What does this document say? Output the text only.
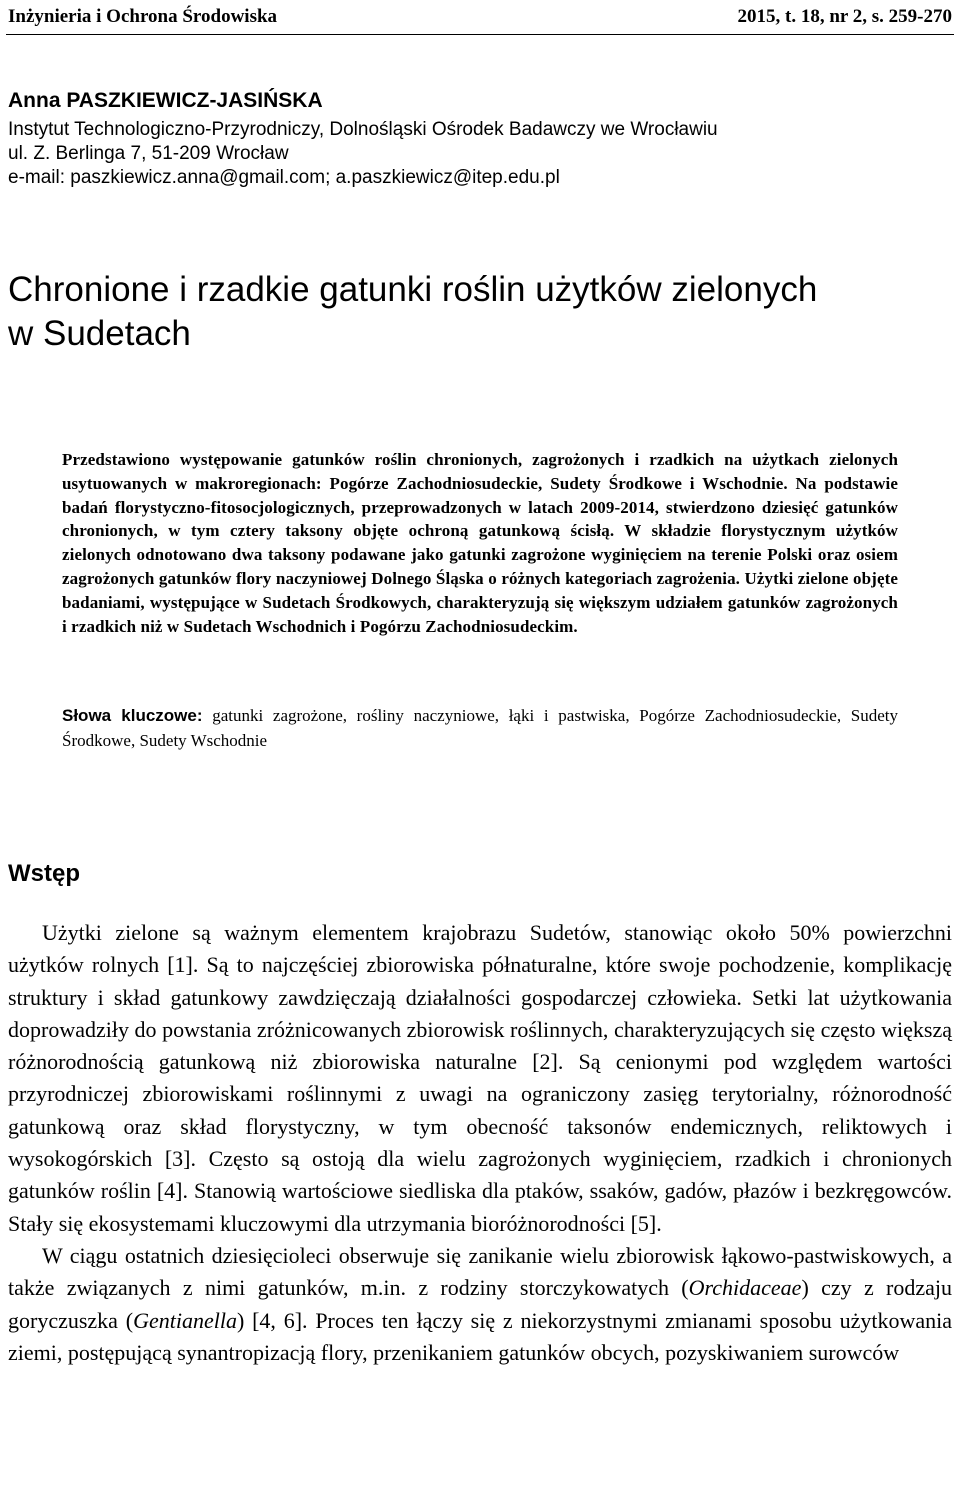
Inżynieria i Ochrona Środowiska	2015, t. 18, nr 2, s. 259-270
Anna PASZKIEWICZ-JASIŃSKA
Instytut Technologiczno-Przyrodniczy, Dolnośląski Ośrodek Badawczy we Wrocławiu
ul. Z. Berlinga 7, 51-209 Wrocław
e-mail: paszkiewicz.anna@gmail.com; a.paszkiewicz@itep.edu.pl
Chronione i rzadkie gatunki roślin użytków zielonych
w Sudetach
Przedstawiono występowanie gatunków roślin chronionych, zagrożonych i rzadkich na użytkach zielonych usytuowanych w makroregionach: Pogórze Zachodniosudeckie, Sudety Środkowe i Wschodnie. Na podstawie badań florystyczno-fitosocjologicznych, przeprowadzonych w latach 2009-2014, stwierdzono dziesięć gatunków chronionych, w tym cztery taksony objęte ochroną gatunkową ścisłą. W składzie florystycznym użytków zielonych odnotowano dwa taksony podawane jako gatunki zagrożone wyginięciem na terenie Polski oraz osiem zagrożonych gatunków flory naczyniowej Dolnego Śląska o różnych kategoriach zagrożenia. Użytki zielone objęte badaniami, występujące w Sudetach Środkowych, charakteryzują się większym udziałem gatunków zagrożonych i rzadkich niż w Sudetach Wschodnich i Pogórzu Zachodniosudeckim.
Słowa kluczowe: gatunki zagrożone, rośliny naczyniowe, łąki i pastwiska, Pogórze Zachodniosudeckie, Sudety Środkowe, Sudety Wschodnie
Wstęp

Użytki zielone są ważnym elementem krajobrazu Sudetów, stanowiąc około 50% powierzchni użytków rolnych [1]. Są to najczęściej zbiorowiska półnaturalne, które swoje pochodzenie, komplikację struktury i skład gatunkowy zawdzięczają działalności gospodarczej człowieka. Setki lat użytkowania doprowadziły do powstania zróżnicowanych zbiorowisk roślinnych, charakteryzujących się często większą różnorodnością gatunkową niż zbiorowiska naturalne [2]. Są cenionymi pod względem wartości przyrodniczej zbiorowiskami roślinnymi z uwagi na ograniczony zasięg terytorialny, różnorodność gatunkową oraz skład florystyczny, w tym obecność taksonów endemicznych, reliktowych i wysokogórskich [3]. Często są ostoją dla wielu zagrożonych wyginięciem, rzadkich i chronionych gatunków roślin [4]. Stanowią wartościowe siedliska dla ptaków, ssaków, gadów, płazów i bezkręgowców. Stały się ekosystemami kluczowymi dla utrzymania bioróżnorodności [5].

W ciągu ostatnich dziesięcioleci obserwuje się zanikanie wielu zbiorowisk łąkowo-pastwiskowych, a także związanych z nimi gatunków, m.in. z rodziny storczykowatych (Orchidaceae) czy z rodzaju goryczuszka (Gentianella) [4, 6]. Proces ten łączy się z niekorzystnymi zmianami sposobu użytkowania ziemi, postępującą synantropizacją flory, przenikaniem gatunków obcych, pozyskiwaniem surowców
